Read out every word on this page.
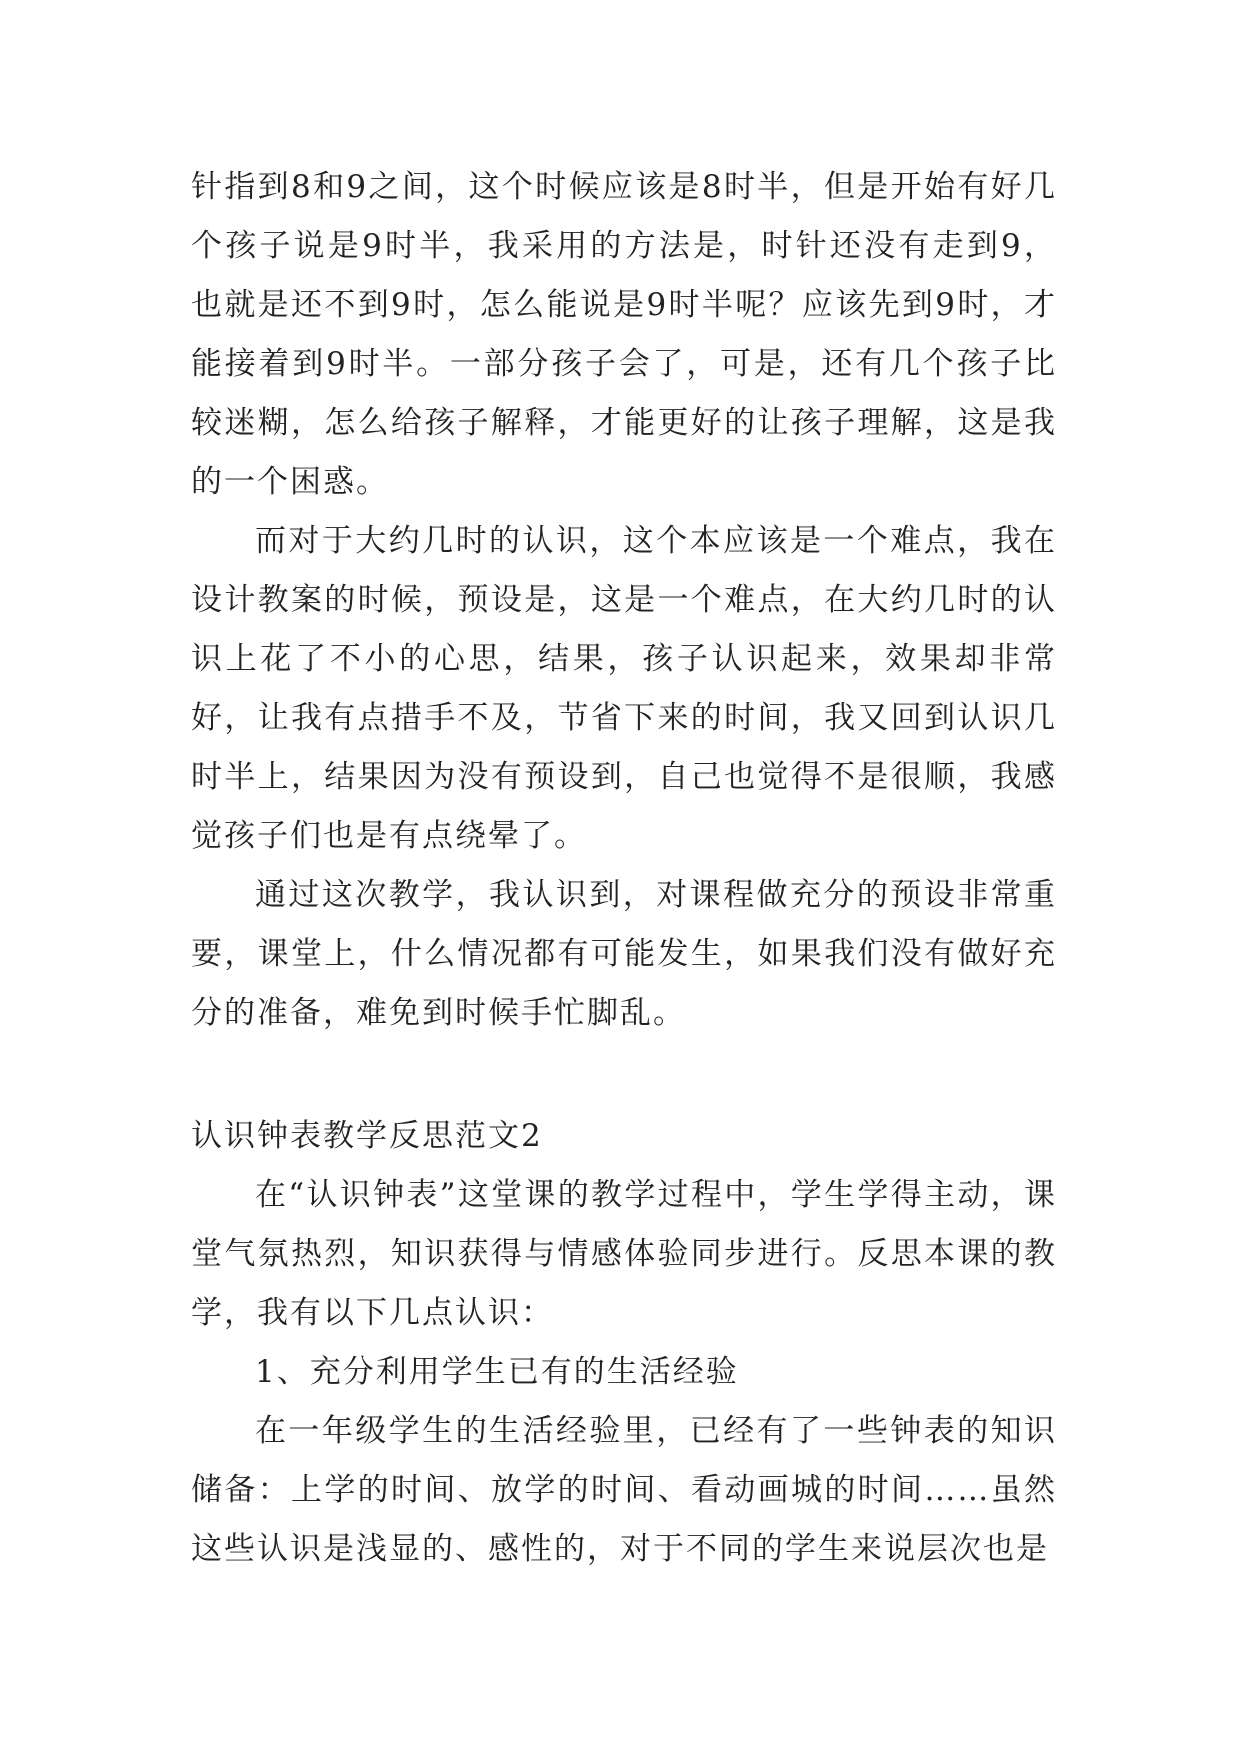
针指到8和9之间，这个时候应该是8时半，但是开始有好几个孩子说是9时半，我采用的方法是，时针还没有走到9，也就是还不到9时，怎么能说是9时半呢？应该先到9时，才能接着到9时半。一部分孩子会了，可是，还有几个孩子比较迷糊，怎么给孩子解释，才能更好的让孩子理解，这是我的一个困惑。

而对于大约几时的认识，这个本应该是一个难点，我在设计教案的时候，预设是，这是一个难点，在大约几时的认识上花了不小的心思，结果，孩子认识起来，效果却非常好，让我有点措手不及，节省下来的时间，我又回到认识几时半上，结果因为没有预设到，自己也觉得不是很顺，我感觉孩子们也是有点绕晕了。

通过这次教学，我认识到，对课程做充分的预设非常重要，课堂上，什么情况都有可能发生，如果我们没有做好充分的准备，难免到时候手忙脚乱。

认识钟表教学反思范文2

在“认识钟表”这堂课的教学过程中，学生学得主动，课堂气氛热烈，知识获得与情感体验同步进行。反思本课的教学，我有以下几点认识：

1、充分利用学生已有的生活经验

在一年级学生的生活经验里，已经有了一些钟表的知识储备：上学的时间、放学的时间、看动画城的时间……虽然这些认识是浅显的、感性的，对于不同的学生来说层次也是
